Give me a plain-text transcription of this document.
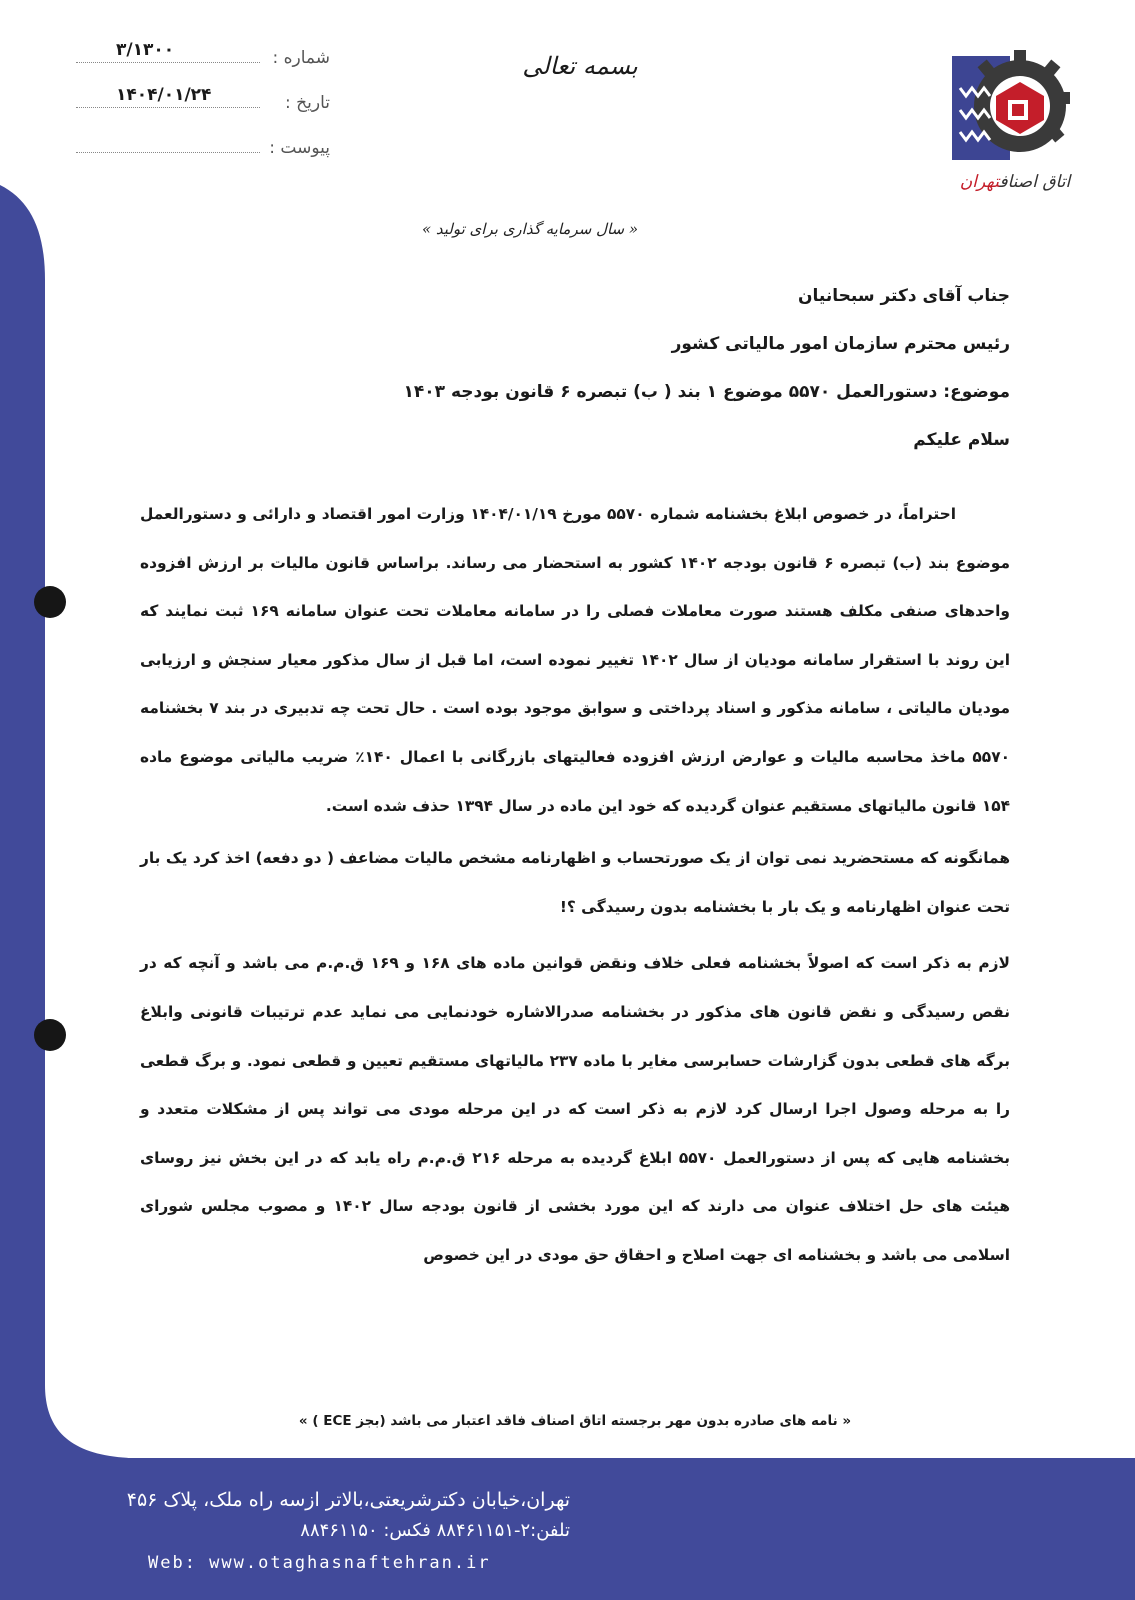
شماره :
۳/۱۳۰۰
تاریخ :
۱۴۰۴/۰۱/۲۴
پیوست :
بسمه تعالی
اتاق اصنافتهران
« سال سرمایه گذاری برای تولید »
جناب آقای دکتر سبحانیان
رئیس محترم سازمان امور مالیاتی کشور
موضوع: دستورالعمل ۵۵۷۰ موضوع ۱ بند ( ب) تبصره ۶ قانون بودجه ۱۴۰۳
سلام علیکم

احتراماً، در خصوص ابلاغ بخشنامه شماره ۵۵۷۰ مورخ ۱۴۰۴/۰۱/۱۹ وزارت امور اقتصاد و دارائی و دستورالعمل موضوع بند (ب) تبصره ۶ قانون بودجه ۱۴۰۲ کشور به استحضار می رساند. براساس قانون مالیات بر ارزش افزوده واحدهای صنفی مکلف هستند صورت معاملات فصلی را در سامانه معاملات تحت عنوان سامانه ۱۶۹ ثبت نمایند که این روند با استقرار سامانه مودیان از سال ۱۴۰۲ تغییر نموده است، اما قبل از سال مذکور معیار سنجش و ارزیابی مودیان مالیاتی ، سامانه مذکور و اسناد پرداختی و سوابق موجود بوده است . حال تحت چه تدبیری در بند ۷ بخشنامه ۵۵۷۰ ماخذ محاسبه مالیات و عوارض ارزش افزوده فعالیتهای بازرگانی با اعمال ۱۴۰٪ ضریب مالیاتی موضوع ماده ۱۵۴ قانون مالیاتهای مستقیم عنوان گردیده که خود این ماده در سال ۱۳۹۴ حذف شده است.

همانگونه که مستحضرید نمی توان از یک صورتحساب و اظهارنامه مشخص مالیات مضاعف ( دو دفعه) اخذ کرد یک بار تحت عنوان اظهارنامه و یک بار با بخشنامه بدون رسیدگی ؟!

لازم به ذکر است که اصولاً بخشنامه فعلی خلاف ونقض قوانین ماده های ۱۶۸ و ۱۶۹ ق.م.م می باشد و آنچه که در نقص رسیدگی و نقض قانون های مذکور در بخشنامه صدرالاشاره خودنمایی می نماید عدم ترتیبات قانونی وابلاغ برگه های قطعی بدون گزارشات حسابرسی مغایر با ماده ۲۳۷ مالیاتهای مستقیم تعیین و قطعی نمود. و برگ قطعی را به مرحله وصول اجرا ارسال کرد لازم به ذکر است که در این مرحله مودی می تواند پس از مشکلات متعدد و بخشنامه هایی که پس از دستورالعمل ۵۵۷۰ ابلاغ گردیده به مرحله ۲۱۶ ق.م.م راه یابد که در این بخش نیز روسای هیئت های حل اختلاف عنوان می دارند که این مورد بخشی از قانون بودجه سال ۱۴۰۲ و مصوب مجلس شورای اسلامی می باشد و بخشنامه ای جهت اصلاح و احقاق حق مودی در این خصوص

« نامه های صادره بدون مهر برجسته اتاق اصناف فاقد اعتبار می باشد (بجز ECE ) »

تهران،خیابان دکترشریعتی،بالاتر ازسه راه ملک، پلاک ۴۵۶

تلفن:۲-۸۸۴۶۱۱۵۱ فکس: ۸۸۴۶۱۱۵۰

Web: www.otaghasnaftehran.ir
